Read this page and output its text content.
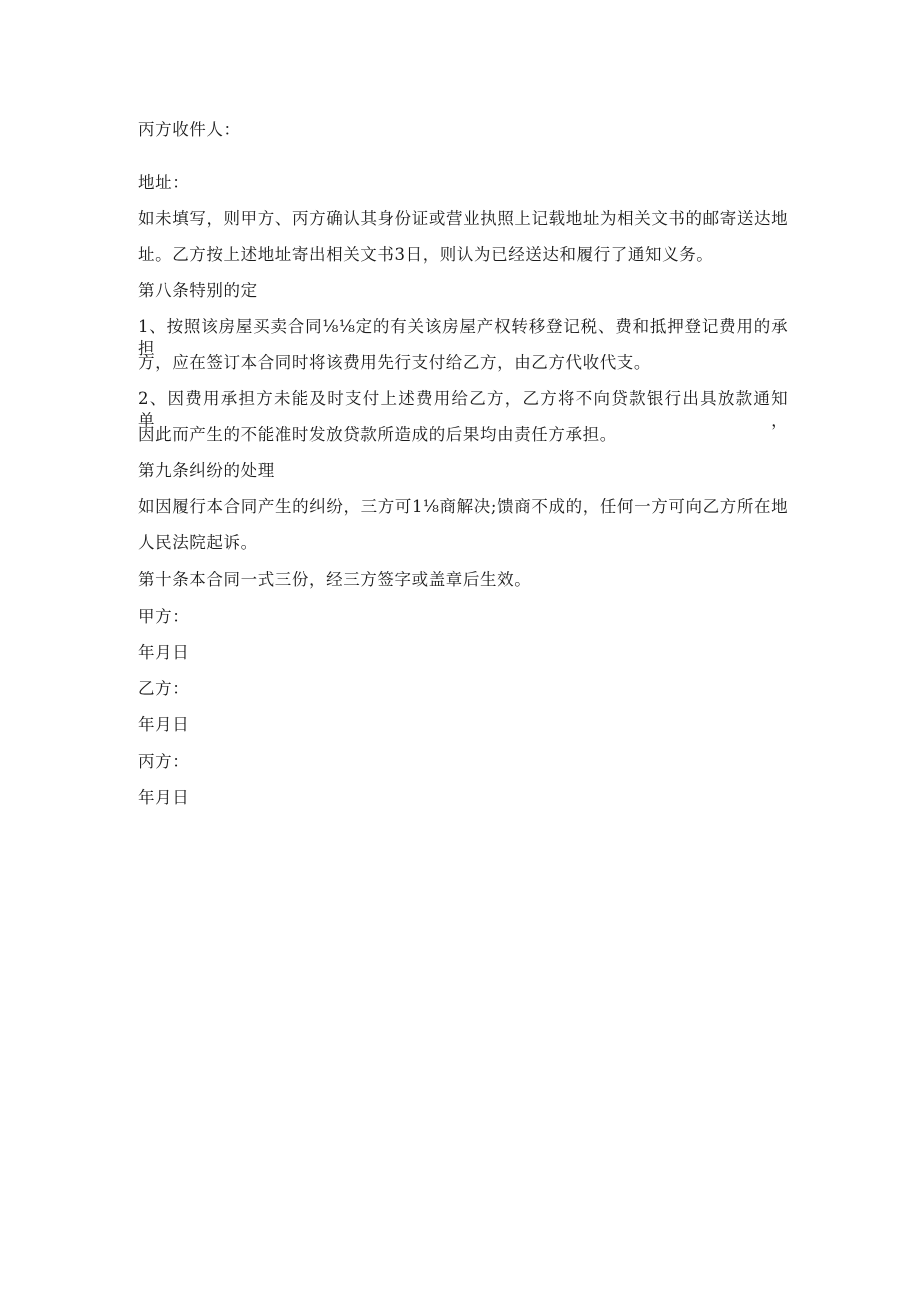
丙方收件人：
地址：
如未填写，则甲方、丙方确认其身份证或营业执照上记载地址为相关文书的邮寄送达地
址。乙方按上述地址寄出相关文书3日，则认为已经送达和履行了通知义务。
第八条特别的定
1、按照该房屋买卖合同⅛⅛定的有关该房屋产权转移登记税、费和抵押登记费用的承担
方，应在签订本合同时将该费用先行支付给乙方，由乙方代收代支。
2、因费用承担方未能及时支付上述费用给乙方，乙方将不向贷款银行出具放款通知单，
因此而产生的不能准时发放贷款所造成的后果均由责任方承担。
第九条纠纷的处理
如因履行本合同产生的纠纷，三方可1⅛商解决;馈商不成的，任何一方可向乙方所在地
人民法院起诉。
第十条本合同一式三份，经三方签字或盖章后生效。
甲方：
年月日
乙方：
年月日
丙方：
年月日
